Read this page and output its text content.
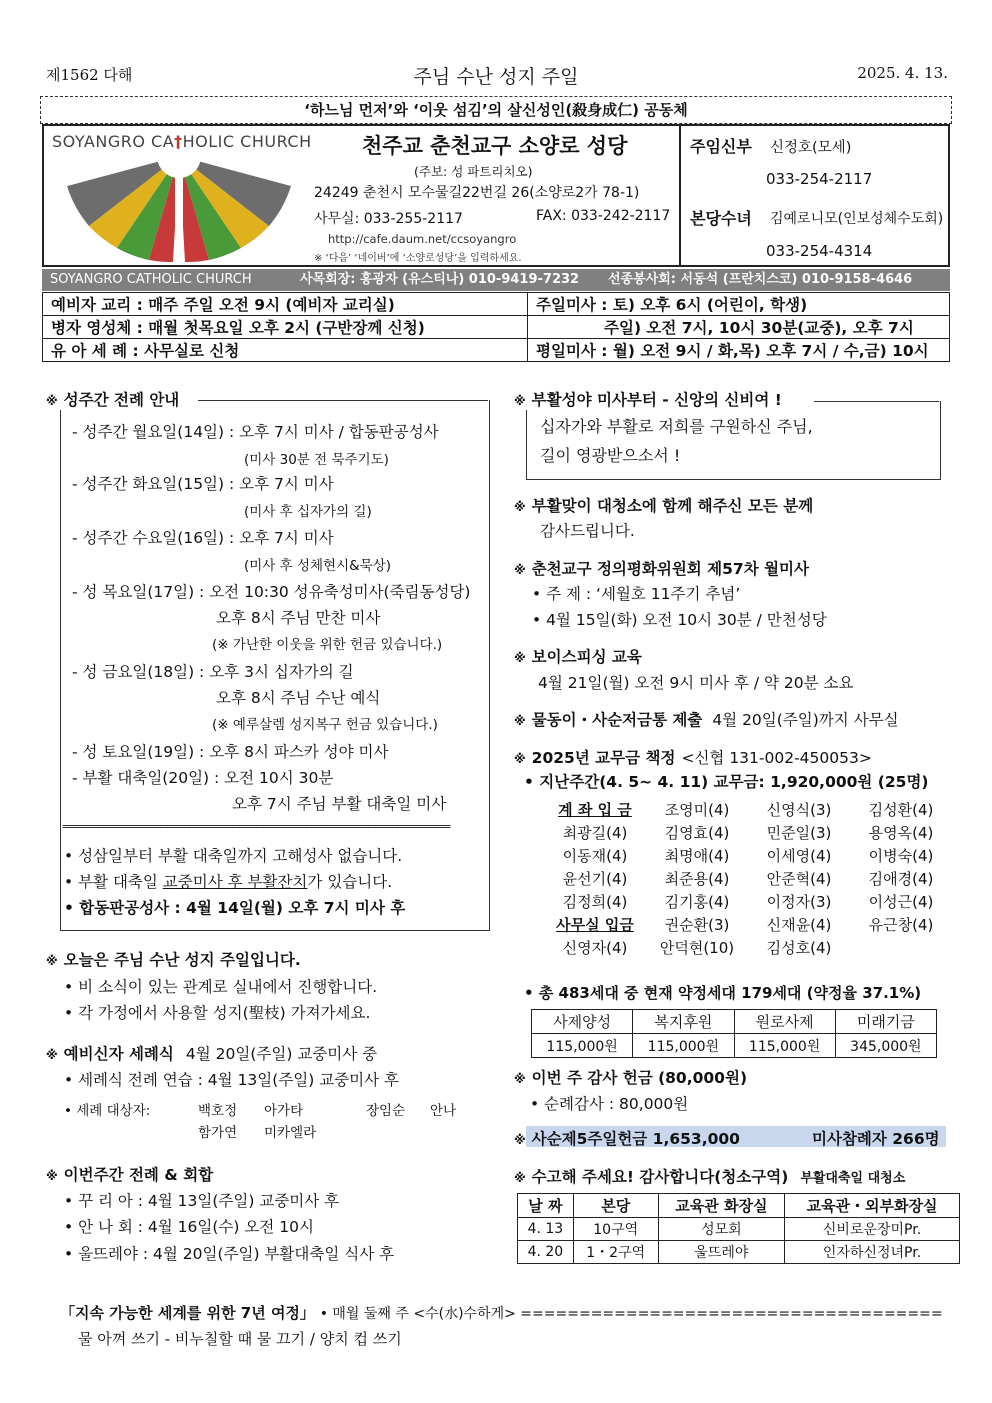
제1562 다해	주님 수난 성지 주일	2025. 4. 13.
‘하느님 먼저’와 ‘이웃 섬김’의 살신성인(殺身成仁) 공동체
SOYANGRO CA†HOLIC CHURCH 천주교 춘천교구 소양로 성당
(주보: 성 파트리치오)
24249 춘천시 모수물길22번길 26(소양로2가 78-1)
사무실: 033-255-2117	FAX: 033-242-2117
http://cafe.daum.net/ccsoyangro
※ ‘다음’ ‘네이버’에 ‘소양로성당’을 입력하세요.
주임신부 신정호(모세)
033-254-2117
본당수녀 김예로니모(인보성체수도회)
033-254-4314
SOYANGRO CATHOLIC CHURCH	사목회장: 홍광자 (유스티나) 010-9419-7232 선종봉사회: 서동석 (프란치스코) 010-9158-4646
예비자 교리 : 매주 주일 오전 9시 (예비자 교리실)	주일미사 : 토) 오후 6시 (어린이, 학생)
병자 영성체 : 매월 첫목요일 오후 2시 (구반장께 신청)	주일) 오전 7시, 10시 30분(교중), 오후 7시
유 아 세 례 : 사무실로 신청	평일미사 : 월) 오전 9시 / 화,목) 오후 7시 / 수,금) 10시
※ 성주간 전례 안내
- 성주간 월요일(14일) : 오후 7시 미사 / 합동판공성사
(미사 30분 전 묵주기도)
- 성주간 화요일(15일) : 오후 7시 미사
(미사 후 십자가의 길)
- 성주간 수요일(16일) : 오후 7시 미사
(미사 후 성체현시&묵상)
- 성 목요일(17일) : 오전 10:30 성유축성미사(죽림동성당)
오후 8시 주님 만찬 미사
(※ 가난한 이웃을 위한 헌금 있습니다.)
- 성 금요일(18일) : 오후 3시 십자가의 길
오후 8시 주님 수난 예식
(※ 예루살렘 성지복구 헌금 있습니다.)
- 성 토요일(19일) : 오후 8시 파스카 성야 미사
- 부활 대축일(20일) : 오전 10시 30분
오후 7시 주님 부활 대축일 미사
=====================================================================
• 성삼일부터 부활 대축일까지 고해성사 없습니다.
• 부활 대축일 교중미사 후 부활잔치가 있습니다.
• 합동판공성사 : 4월 14일(월) 오후 7시 미사 후
※ 오늘은 주님 수난 성지 주일입니다.
• 비 소식이 있는 관계로 실내에서 진행합니다.
• 각 가정에서 사용할 성지(聖枝) 가져가세요.
※ 예비신자 세례식 4월 20일(주일) 교중미사 중
• 세례식 전례 연습 : 4월 13일(주일) 교중미사 후
• 세례 대상자:	백호정 아가타	장임순 안나
함가연 미카엘라
※ 이번주간 전례 & 회합
• 꾸 리 아 : 4월 13일(주일) 교중미사 후
• 안 나 회 : 4월 16일(수) 오전 10시
• 울뜨레야 : 4월 20일(주일) 부활대축일 식사 후
※ 부활성야 미사부터 - 신앙의 신비여 !
십자가와 부활로 저희를 구원하신 주님,
길이 영광받으소서 !
※ 부활맞이 대청소에 함께 해주신 모든 분께
감사드립니다.
※ 춘천교구 정의평화위원회 제57차 월미사
• 주 제 : ‘세월호 11주기 추념’
• 4월 15일(화) 오전 10시 30분 / 만천성당
※ 보이스피싱 교육
4월 21일(월) 오전 9시 미사 후 / 약 20분 소요
※ 물동이・사순저금통 제출 4월 20일(주일)까지 사무실
※ 2025년 교무금 책정 <신협 131-002-450053>
• 지난주간(4. 5~ 4. 11) 교무금: 1,920,000원 (25명)
계 좌 입 금	조영미(4)	신영식(3)	김성환(4)
최광길(4)	김영효(4)	민준일(3)	용영옥(4)
이동재(4)	최명애(4)	이세영(4)	이병숙(4)
윤선기(4)	최준용(4)	안준혁(4)	김애경(4)
김정희(4)	김기홍(4)	이정자(3)	이성근(4)
사무실 입금	권순환(3)	신재윤(4)	유근창(4)
신영자(4)	안덕현(10)	김성호(4)	
• 총 483세대 중 현재 약정세대 179세대 (약정율 37.1%)
사제양성	복지후원	원로사제	미래기금
115,000원	115,000원	115,000원	345,000원
※ 이번 주 감사 헌금 (80,000원)
• 순례감사 : 80,000원
※ 사순제5주일헌금 1,653,000	미사참례자 266명
※ 수고해 주세요! 감사합니다(청소구역) 부활대축일 대청소
날 짜	본당	교육관 화장실	교육관・외부화장실
4. 13	10구역	성모회	신비로운장미Pr.
4. 20	1・2구역	울뜨레야	인자하신정녀Pr.
「지속 가능한 세계를 위한 7년 여정」 • 매월 둘째 주 <수(水)수하게> ====================================
물 아껴 쓰기 - 비누칠할 때 물 끄기 / 양치 컵 쓰기
